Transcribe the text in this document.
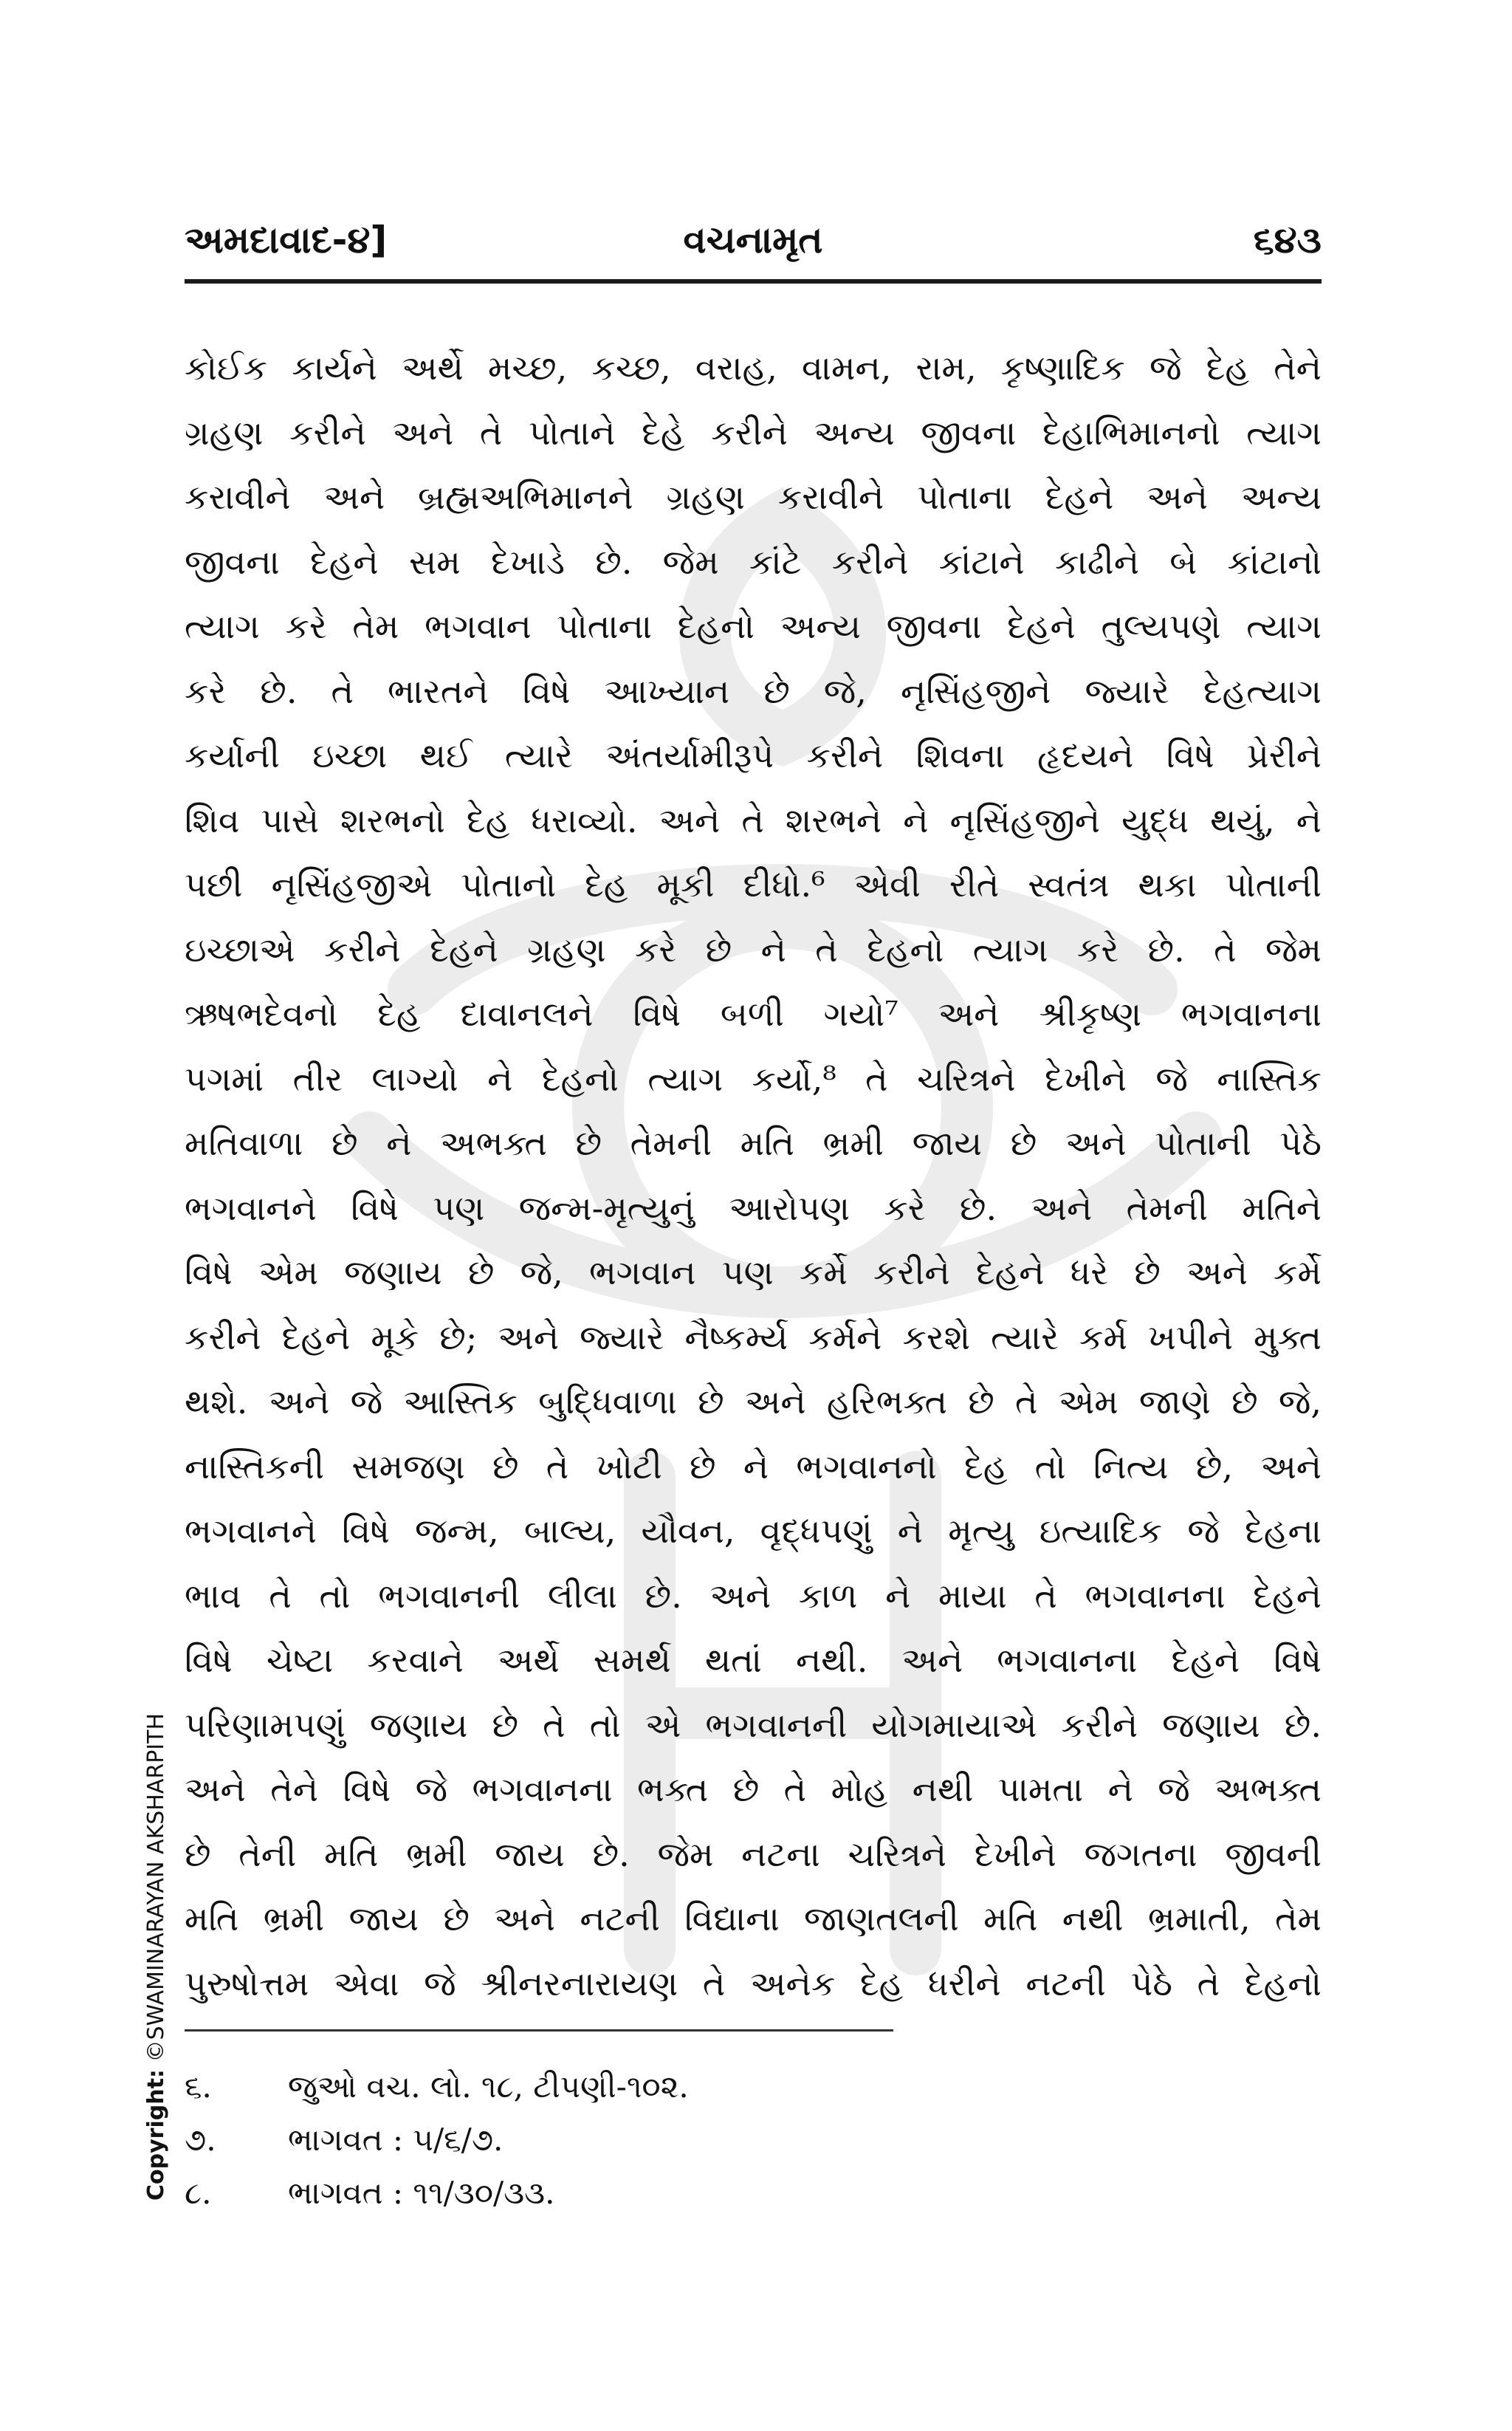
વચનામૃત
અમદાવાદ-૪]	૬૪૩
કોઈક કાર્યને અર્થે મચ્છ, કચ્છ, વરાહ, વામન, રામ, કૃષ્ણાદિક જે દેહ તેને
ગ્રહણ કરીને અને તે પોતાને દેહે કરીને અન્ય જીવના દેહાભિમાનનો ત્યાગ
કરાવીને અને બ્રહ્મઅભિમાનને ગ્રહણ કરાવીને પોતાના દેહને અને અન્ય
જીવના દેહને સમ દેખાડે છે. જેમ કાંટે કરીને કાંટાને કાઢીને બે કાંટાનો
ત્યાગ કરે તેમ ભગવાન પોતાના દેહનો અન્ય જીવના દેહને તુલ્યપણે ત્યાગ
કરે છે. તે ભારતને વિષે આખ્યાન છે જે, નૃસિંહજીને જ્યારે દેહત્યાગ
કર્યાની ઇચ્છા થઈ ત્યારે અંતર્યામીરૂપે કરીને શિવના હૃદયને વિષે પ્રેરીને
શિવ પાસે શરભનો દેહ ધરાવ્યો. અને તે શરભને ને નૃસિંહજીને યુદ્ધ થયું, ને
પછી નૃસિંહજીએ પોતાનો દેહ મૂકી દીધો.⁶ એવી રીતે સ્વતંત્ર થકા પોતાની
ઇચ્છાએ કરીને દેહને ગ્રહણ કરે છે ને તે દેહનો ત્યાગ કરે છે. તે જેમ
ઋષભદેવનો દેહ દાવાનલને વિષે બળી ગયો⁷ અને શ્રીકૃષ્ણ ભગવાનના
પગમાં તીર લાગ્યો ને દેહનો ત્યાગ કર્યો,⁸ તે ચરિત્રને દેખીને જે નાસ્તિક
મતિવાળા છે ને અભક્ત છે તેમની મતિ ભ્રમી જાય છે અને પોતાની પેઠે
ભગવાનને વિષે પણ જન્મ-મૃત્યુનું આરોપણ કરે છે. અને તેમની મતિને
વિષે એમ જણાય છે જે, ભગવાન પણ કર્મે કરીને દેહને ધરે છે અને કર્મે
કરીને દેહને મૂકે છે; અને જ્યારે નૈષ્કર્મ્ય કર્મને કરશે ત્યારે કર્મ ખપીને મુક્ત
થશે. અને જે આસ્તિક બુદ્ધિવાળા છે અને હરિભક્ત છે તે એમ જાણે છે જે,
નાસ્તિકની સમજણ છે તે ખોટી છે ને ભગવાનનો દેહ તો નિત્ય છે, અને
ભગવાનને વિષે જન્મ, બાલ્ય, યૌવન, વૃદ્ધપણું ને મૃત્યુ ઇત્યાદિક જે દેહના
ભાવ તે તો ભગવાનની લીલા છે. અને કાળ ને માયા તે ભગવાનના દેહને
વિષે ચેષ્ટા કરવાને અર્થે સમર્થ થતાં નથી. અને ભગવાનના દેહને વિષે
પરિણામપણું જણાય છે તે તો એ ભગવાનની યોગમાયાએ કરીને જણાય છે.
અને તેને વિષે જે ભગવાનના ભક્ત છે તે મોહ નથી પામતા ને જે અભક્ત
છે તેની મતિ ભ્રમી જાય છે. જેમ નટના ચરિત્રને દેખીને જગતના જીવની
મતિ ભ્રમી જાય છે અને નટની વિદ્યાના જાણતલની મતિ નથી ભ્રમાતી, તેમ
પુરુષોત્તમ એવા જે શ્રીનરનારાયણ તે અનેક દેહ ધરીને નટની પેઠે તે દેહનો
૬. જુઓ વચ. લો. ૧૮, ટીપણી-૧૦૨.
૭. ભાગવત : ૫/૬/૭.
૮. ભાગવત : ૧૧/૩૦/૩૩.
Copyright: ©SWAMINARAYAN AKSHARPITH
